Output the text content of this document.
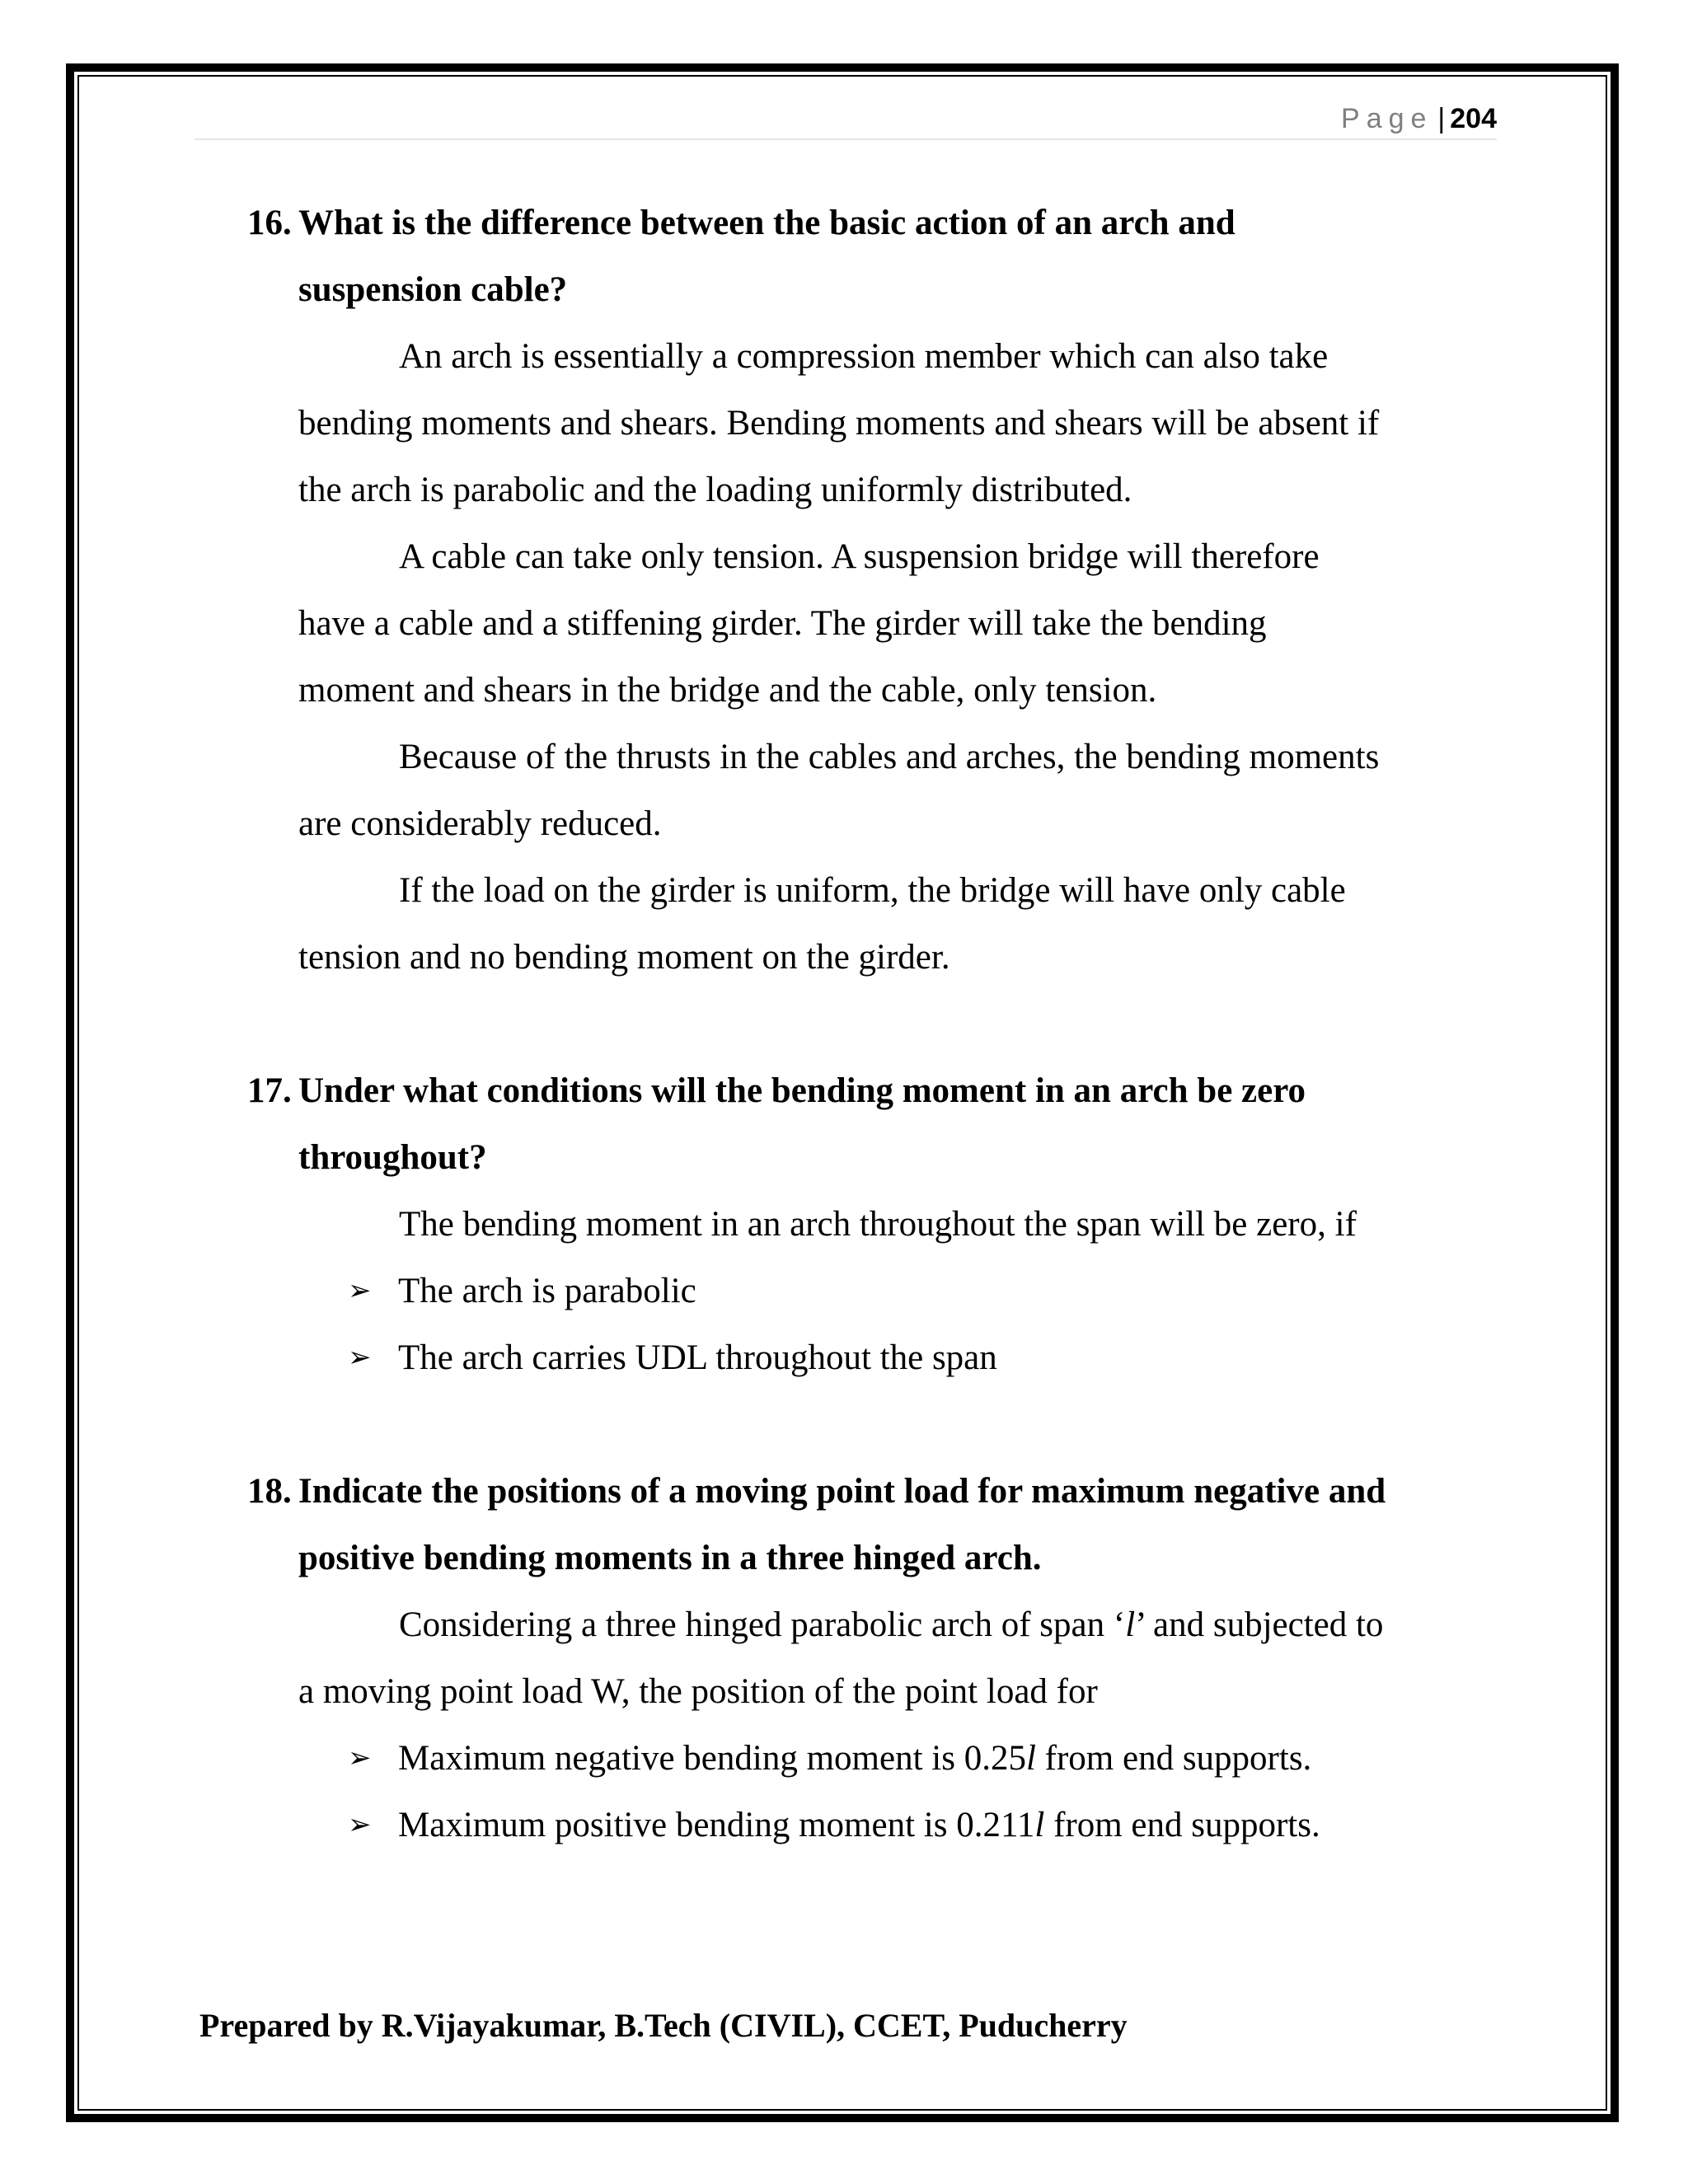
Page | 204
16. What is the difference between the basic action of an arch and
suspension cable?
An arch is essentially a compression member which can also take
bending moments and shears. Bending moments and shears will be absent if
the arch is parabolic and the loading uniformly distributed.
A cable can take only tension. A suspension bridge will therefore
have a cable and a stiffening girder. The girder will take the bending
moment and shears in the bridge and the cable, only tension.
Because of the thrusts in the cables and arches, the bending moments
are considerably reduced.
If the load on the girder is uniform, the bridge will have only cable
tension and no bending moment on the girder.
17. Under what conditions will the bending moment in an arch be zero
throughout?
The bending moment in an arch throughout the span will be zero, if
➢ The arch is parabolic
➢ The arch carries UDL throughout the span
18. Indicate the positions of a moving point load for maximum negative and
positive bending moments in a three hinged arch.
Considering a three hinged parabolic arch of span ‘l’ and subjected to
a moving point load W, the position of the point load for
➢ Maximum negative bending moment is 0.25l from end supports.
➢ Maximum positive bending moment is 0.211l from end supports.
Prepared by R.Vijayakumar, B.Tech (CIVIL), CCET, Puducherry
